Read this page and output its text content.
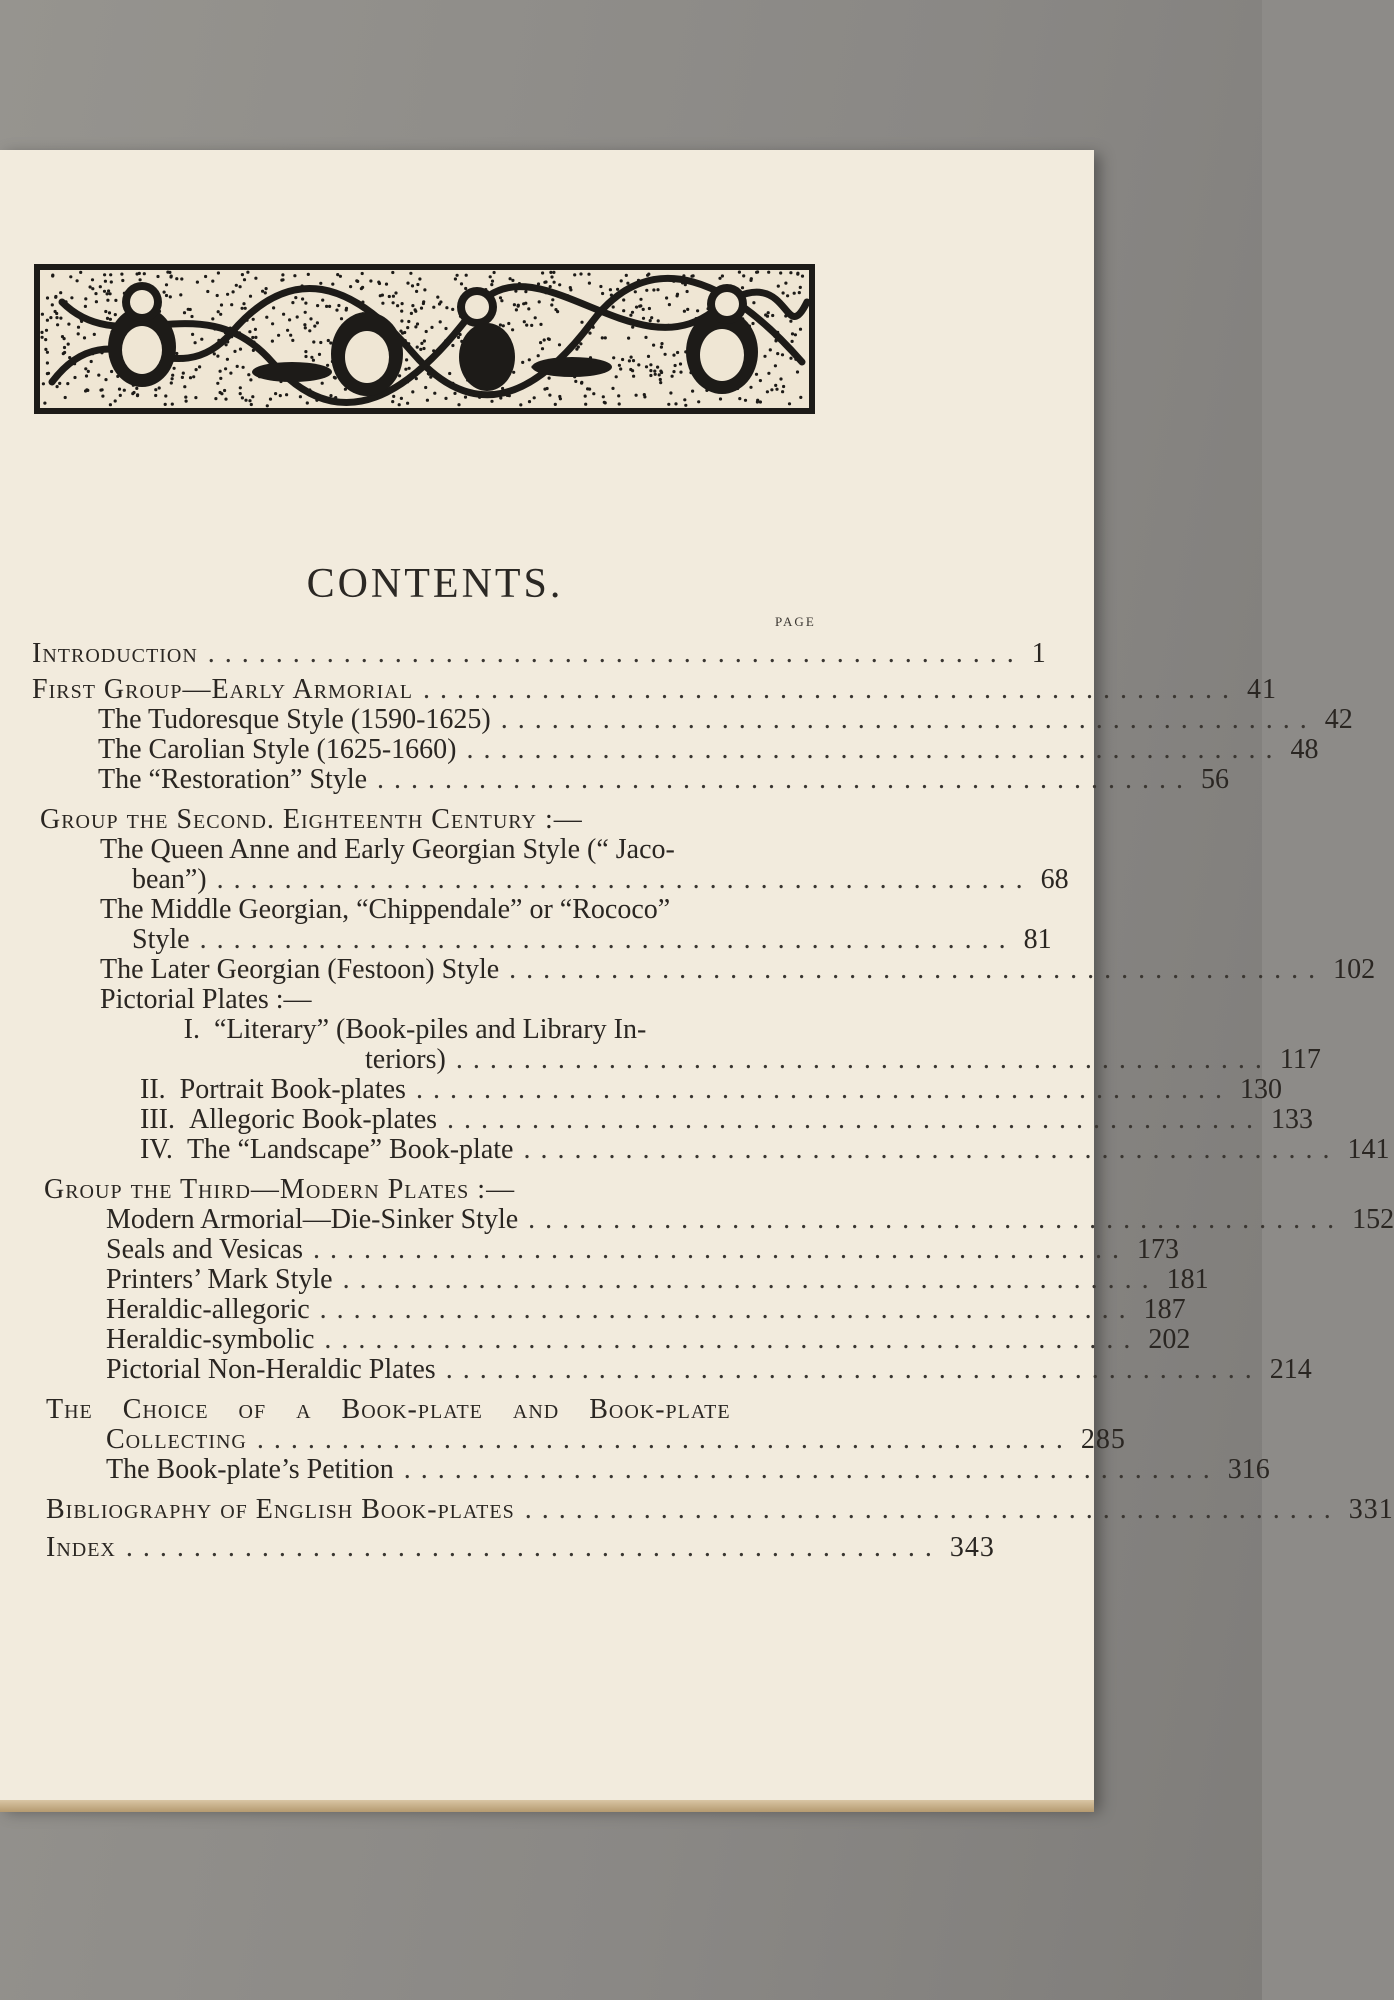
CONTENTS.
PAGE
Introduction ................................................ 1
First Group—Early Armorial ................................................ 41
The Tudoresque Style (1590-1625) ................................................ 42
The Carolian Style (1625-1660) ................................................ 48
The “Restoration” Style ................................................ 56
Group the Second. Eighteenth Century :—
The Queen Anne and Early Georgian Style (“ Jaco-
bean”) ................................................ 68
The Middle Georgian, “Chippendale” or “Rococo”
Style ................................................ 81
The Later Georgian (Festoon) Style ................................................ 102
Pictorial Plates :—
I. “Literary” (Book-piles and Library In-
teriors) ................................................ 117
II. Portrait Book-plates ................................................ 130
III. Allegoric Book-plates ................................................ 133
IV. The “Landscape” Book-plate ................................................ 141
Group the Third—Modern Plates :—
Modern Armorial—Die-Sinker Style ................................................ 152
Seals and Vesicas ................................................ 173
Printers’ Mark Style ................................................ 181
Heraldic-allegoric ................................................ 187
Heraldic-symbolic ................................................ 202
Pictorial Non-Heraldic Plates ................................................ 214
The Choice of a Book-plate and Book-plate
Collecting ................................................ 285
The Book-plate’s Petition ................................................ 316
Bibliography of English Book-plates ................................................ 331
Index ................................................ 343
